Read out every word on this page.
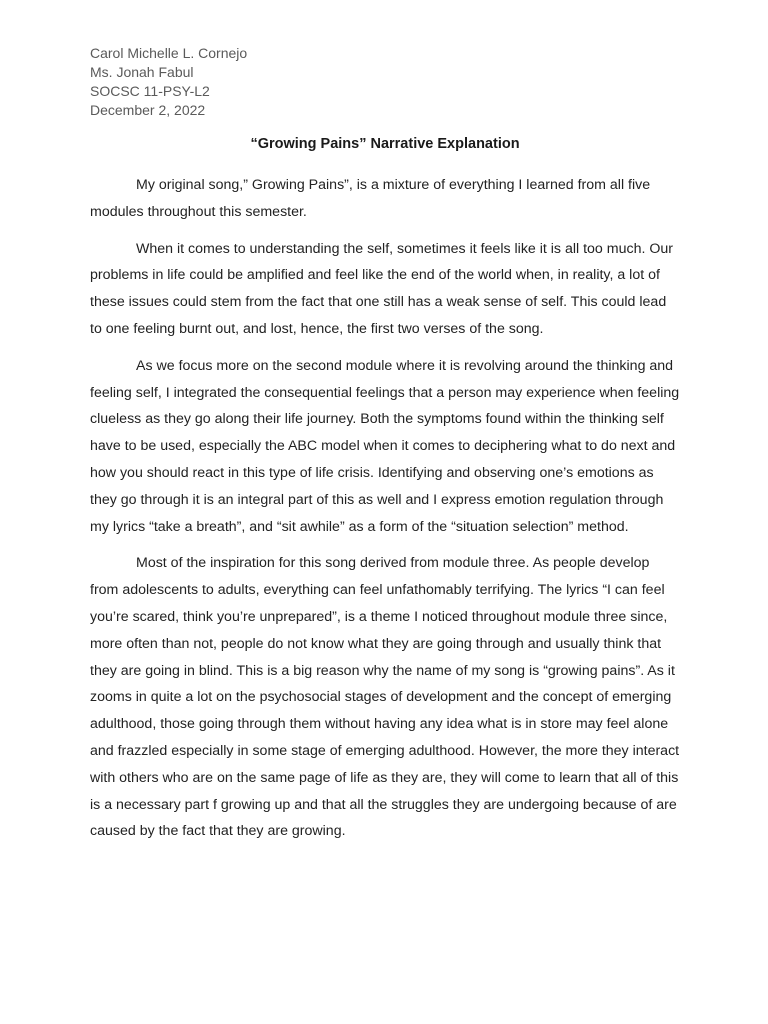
Carol Michelle L. Cornejo
Ms. Jonah Fabul
SOCSC 11-PSY-L2
December 2, 2022
“Growing Pains” Narrative Explanation

My original song,” Growing Pains”, is a mixture of everything I learned from all five modules throughout this semester.

When it comes to understanding the self, sometimes it feels like it is all too much. Our problems in life could be amplified and feel like the end of the world when, in reality, a lot of these issues could stem from the fact that one still has a weak sense of self. This could lead to one feeling burnt out, and lost, hence, the first two verses of the song.

As we focus more on the second module where it is revolving around the thinking and feeling self, I integrated the consequential feelings that a person may experience when feeling clueless as they go along their life journey. Both the symptoms found within the thinking self have to be used, especially the ABC model when it comes to deciphering what to do next and how you should react in this type of life crisis. Identifying and observing one’s emotions as they go through it is an integral part of this as well and I express emotion regulation through my lyrics “take a breath”, and “sit awhile” as a form of the “situation selection” method.

Most of the inspiration for this song derived from module three. As people develop from adolescents to adults, everything can feel unfathomably terrifying. The lyrics “I can feel you’re scared, think you’re unprepared”, is a theme I noticed throughout module three since, more often than not, people do not know what they are going through and usually think that they are going in blind. This is a big reason why the name of my song is “growing pains”. As it zooms in quite a lot on the psychosocial stages of development and the concept of emerging adulthood, those going through them without having any idea what is in store may feel alone and frazzled especially in some stage of emerging adulthood. However, the more they interact with others who are on the same page of life as they are, they will come to learn that all of this is a necessary part f growing up and that all the struggles they are undergoing because of are caused by the fact that they are growing.
